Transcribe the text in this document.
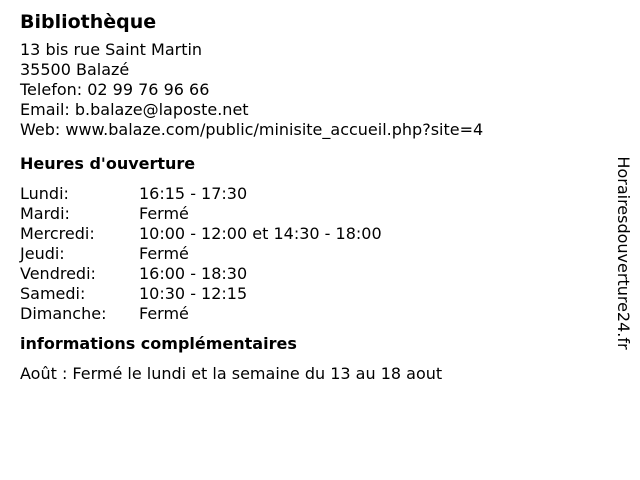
Bibliothèque
13 bis rue Saint Martin
35500 Balazé
Telefon: 02 99 76 96 66
Email: b.balaze@laposte.net
Web: www.balaze.com/public/minisite_accueil.php?site=4
Heures d'ouverture
Lundi:	16:15 - 17:30
Mardi:	Fermé
Mercredi:	10:00 - 12:00 et 14:30 - 18:00
Jeudi:	Fermé
Vendredi:	16:00 - 18:30
Samedi:	10:30 - 12:15
Dimanche:	Fermé
informations complémentaires
Août : Fermé le lundi et la semaine du 13 au 18 aout
Horairesdouverture24.fr
